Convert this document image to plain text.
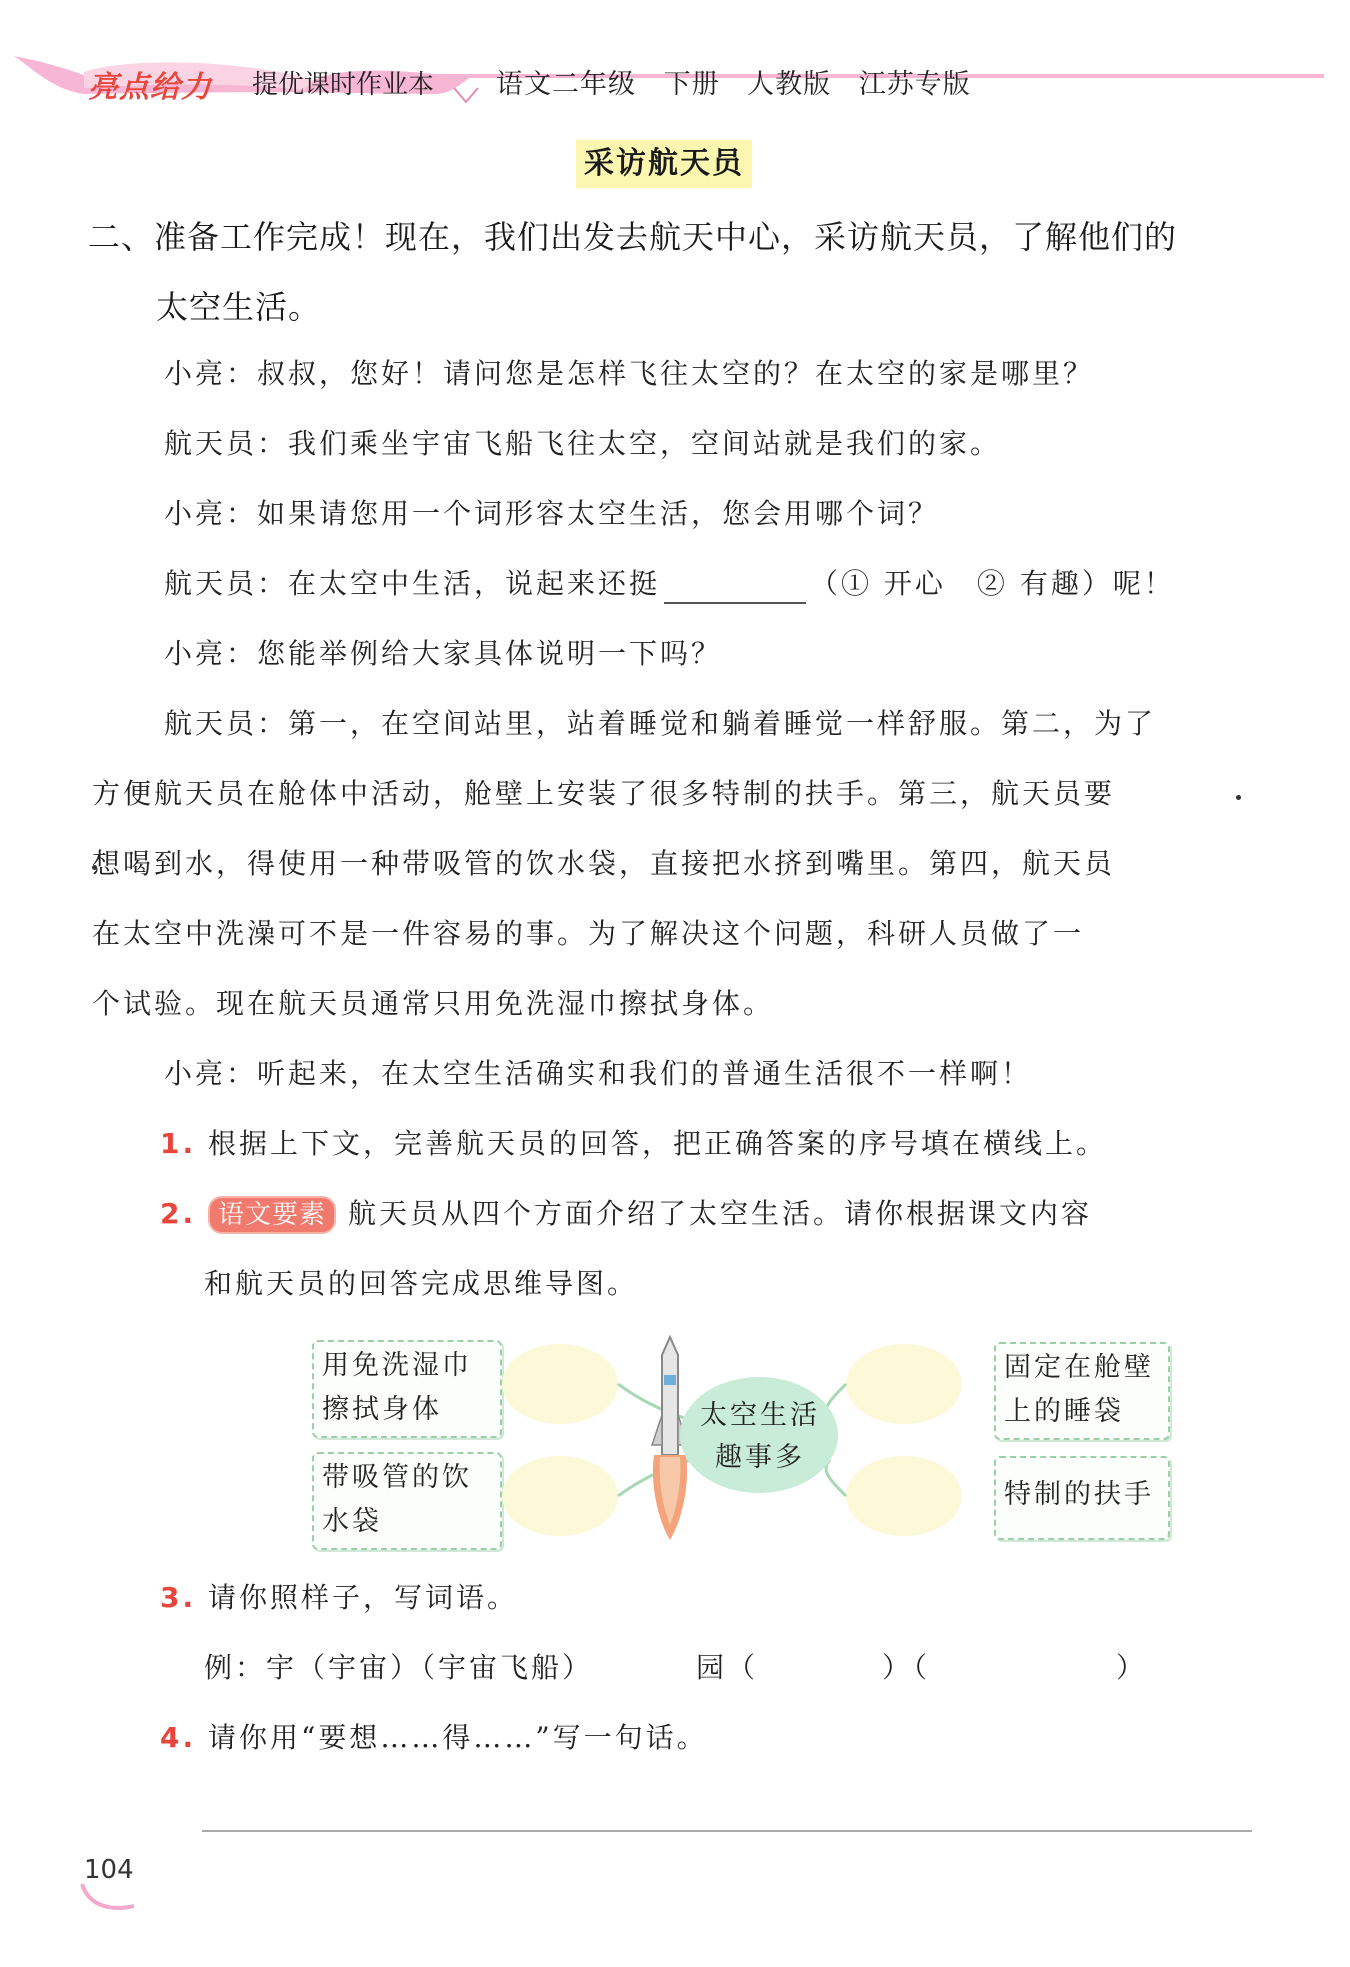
亮点给力 提优课时作业本 语文二年级 下册 人教版 江苏专版
采访航天员
二、准备工作完成！现在，我们出发去航天中心，采访航天员，了解他们的
太空生活。
小亮：叔叔，您好！请问您是怎样飞往太空的？在太空的家是哪里？
航天员：我们乘坐宇宙飞船飞往太空，空间站就是我们的家。
小亮：如果请您用一个词形容太空生活，您会用哪个词？
航天员：在太空中生活，说起来还挺	（① 开心　② 有趣）呢！
小亮：您能举例给大家具体说明一下吗？
航天员：第一，在空间站里，站着睡觉和躺着睡觉一样舒服。第二，为了
方便航天员在舱体中活动，舱壁上安装了很多特制的扶手。第三，航天员要
想喝到水，得使用一种带吸管的饮水袋，直接把水挤到嘴里。第四，航天员
在太空中洗澡可不是一件容易的事。为了解决这个问题，科研人员做了一
个试验。现在航天员通常只用免洗湿巾擦拭身体。
小亮：听起来，在太空生活确实和我们的普通生活很不一样啊！
1. 根据上下文，完善航天员的回答，把正确答案的序号填在横线上。
2. 语文要素 航天员从四个方面介绍了太空生活。请你根据课文内容
和航天员的回答完成思维导图。
用免洗湿巾
擦拭身体
带吸管的饮
水袋
固定在舱壁
上的睡袋
特制的扶手
太空生活
趣事多
3. 请你照样子，写词语。
例：宇（宇宙）（宇宙飞船）	园（　　　　）（　　　　　　）
4. 请你用“要想……得……”写一句话。
104
